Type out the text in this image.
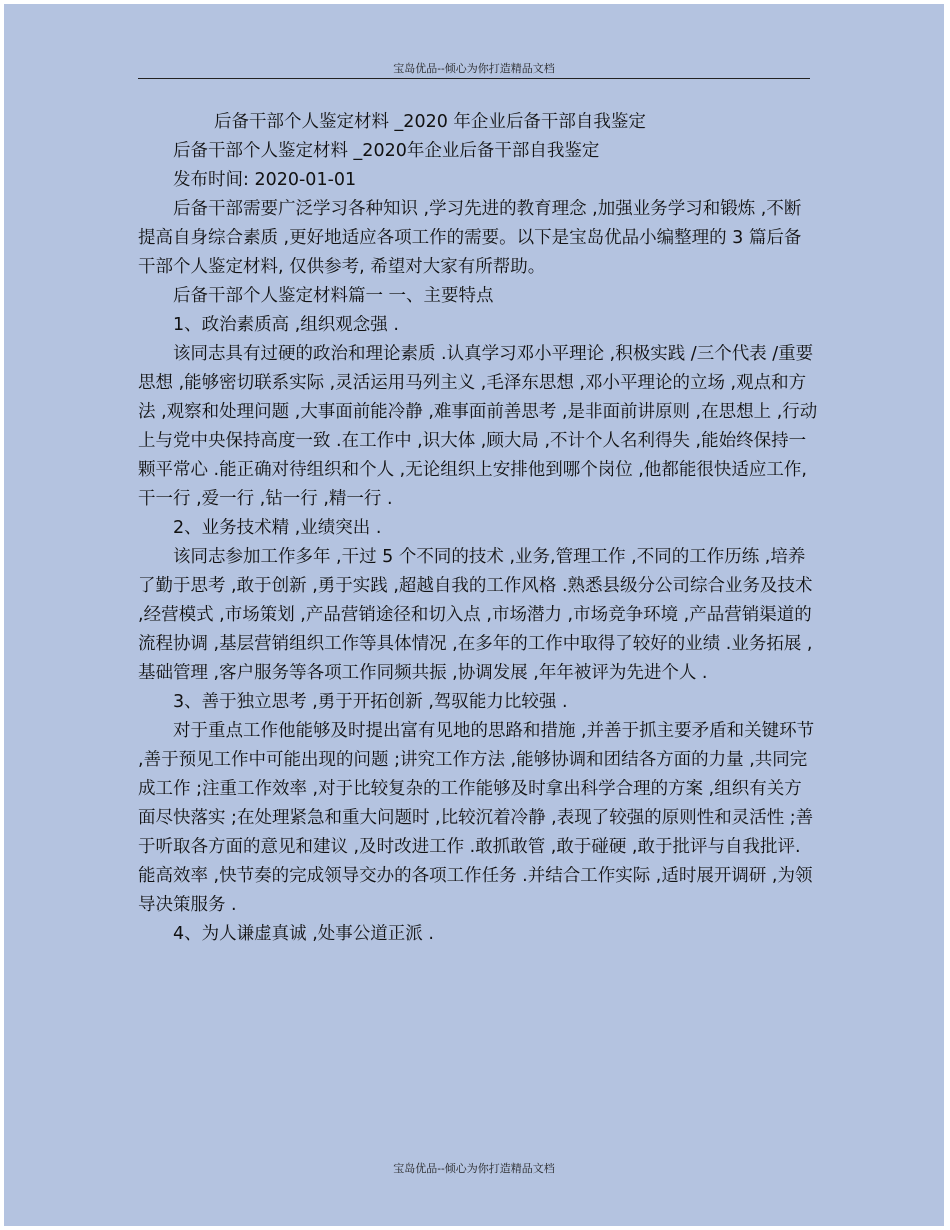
宝岛优品--倾心为你打造精品文档

后备干部个人鉴定材料 _2020 年企业后备干部自我鉴定

后备干部个人鉴定材料 _2020年企业后备干部自我鉴定

发布时间: 2020-01-01

后备干部需要广泛学习各种知识 ,学习先进的教育理念 ,加强业务学习和锻炼 ,不断提高自身综合素质 ,更好地适应各项工作的需要。以下是宝岛优品小编整理的 3 篇后备干部个人鉴定材料, 仅供参考, 希望对大家有所帮助。

后备干部个人鉴定材料篇一 一、主要特点

1、政治素质高 ,组织观念强 .

该同志具有过硬的政治和理论素质 .认真学习邓小平理论 ,积极实践 /三个代表 /重要思想 ,能够密切联系实际 ,灵活运用马列主义 ,毛泽东思想 ,邓小平理论的立场 ,观点和方法 ,观察和处理问题 ,大事面前能冷静 ,难事面前善思考 ,是非面前讲原则 ,在思想上 ,行动上与党中央保持高度一致 .在工作中 ,识大体 ,顾大局 ,不计个人名利得失 ,能始终保持一颗平常心 .能正确对待组织和个人 ,无论组织上安排他到哪个岗位 ,他都能很快适应工作,干一行 ,爱一行 ,钻一行 ,精一行 .

2、业务技术精 ,业绩突出 .

该同志参加工作多年 ,干过 5 个不同的技术 ,业务,管理工作 ,不同的工作历练 ,培养了勤于思考 ,敢于创新 ,勇于实践 ,超越自我的工作风格 .熟悉县级分公司综合业务及技术 ,经营模式 ,市场策划 ,产品营销途径和切入点 ,市场潜力 ,市场竞争环境 ,产品营销渠道的流程协调 ,基层营销组织工作等具体情况 ,在多年的工作中取得了较好的业绩 .业务拓展 ,基础管理 ,客户服务等各项工作同频共振 ,协调发展 ,年年被评为先进个人 .

3、善于独立思考 ,勇于开拓创新 ,驾驭能力比较强 .

对于重点工作他能够及时提出富有见地的思路和措施 ,并善于抓主要矛盾和关键环节 ,善于预见工作中可能出现的问题 ;讲究工作方法 ,能够协调和团结各方面的力量 ,共同完成工作 ;注重工作效率 ,对于比较复杂的工作能够及时拿出科学合理的方案 ,组织有关方面尽快落实 ;在处理紧急和重大问题时 ,比较沉着冷静 ,表现了较强的原则性和灵活性 ;善于听取各方面的意见和建议 ,及时改进工作 .敢抓敢管 ,敢于碰硬 ,敢于批评与自我批评.能高效率 ,快节奏的完成领导交办的各项工作任务 .并结合工作实际 ,适时展开调研 ,为领导决策服务 .

4、为人谦虚真诚 ,处事公道正派 .

宝岛优品--倾心为你打造精品文档
